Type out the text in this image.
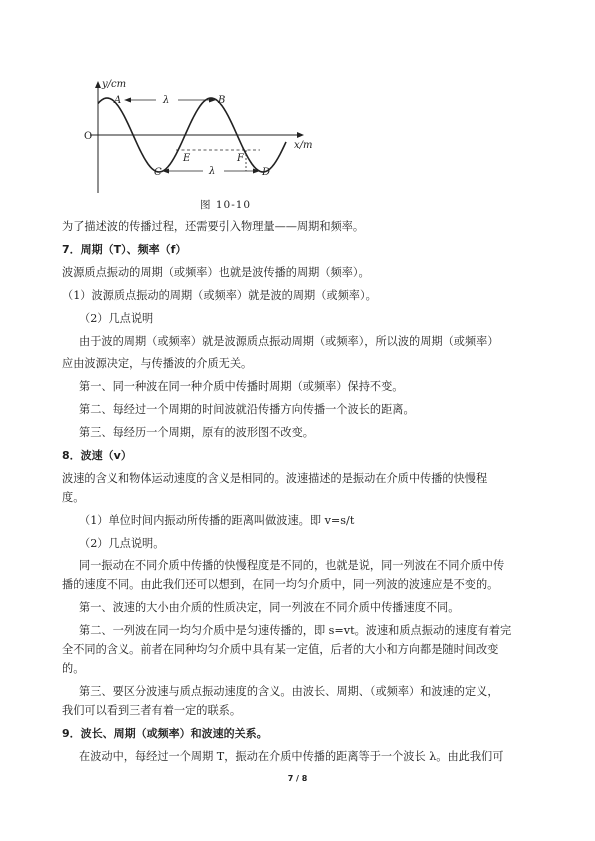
y/cm
x/m
O
A	B
C	D
E	F
λ
λ
图 10-10
为了描述波的传播过程，还需要引入物理量——周期和频率。
7．周期（T）、频率（f）
波源质点振动的周期（或频率）也就是波传播的周期（频率）。
（1）波源质点振动的周期（或频率）就是波的周期（或频率）。
（2）几点说明
由于波的周期（或频率）就是波源质点振动周期（或频率），所以波的周期（或频率）
应由波源决定，与传播波的介质无关。
第一、同一种波在同一种介质中传播时周期（或频率）保持不变。
第二、每经过一个周期的时间波就沿传播方向传播一个波长的距离。
第三、每经历一个周期，原有的波形图不改变。
8．波速（v）
波速的含义和物体运动速度的含义是相同的。波速描述的是振动在介质中传播的快慢程
度。
（1）单位时间内振动所传播的距离叫做波速。即 v=s/t
（2）几点说明。
同一振动在不同介质中传播的快慢程度是不同的，也就是说，同一列波在不同介质中传
播的速度不同。由此我们还可以想到，在同一均匀介质中，同一列波的波速应是不变的。
第一、波速的大小由介质的性质决定，同一列波在不同介质中传播速度不同。
第二、一列波在同一均匀介质中是匀速传播的，即 s=vt。波速和质点振动的速度有着完
全不同的含义。前者在同种均匀介质中具有某一定值，后者的大小和方向都是随时间改变
的。
第三、要区分波速与质点振动速度的含义。由波长、周期、（或频率）和波速的定义，
我们可以看到三者有着一定的联系。
9．波长、周期（或频率）和波速的关系。
在波动中，每经过一个周期 T，振动在介质中传播的距离等于一个波长 λ。由此我们可
7 / 8
